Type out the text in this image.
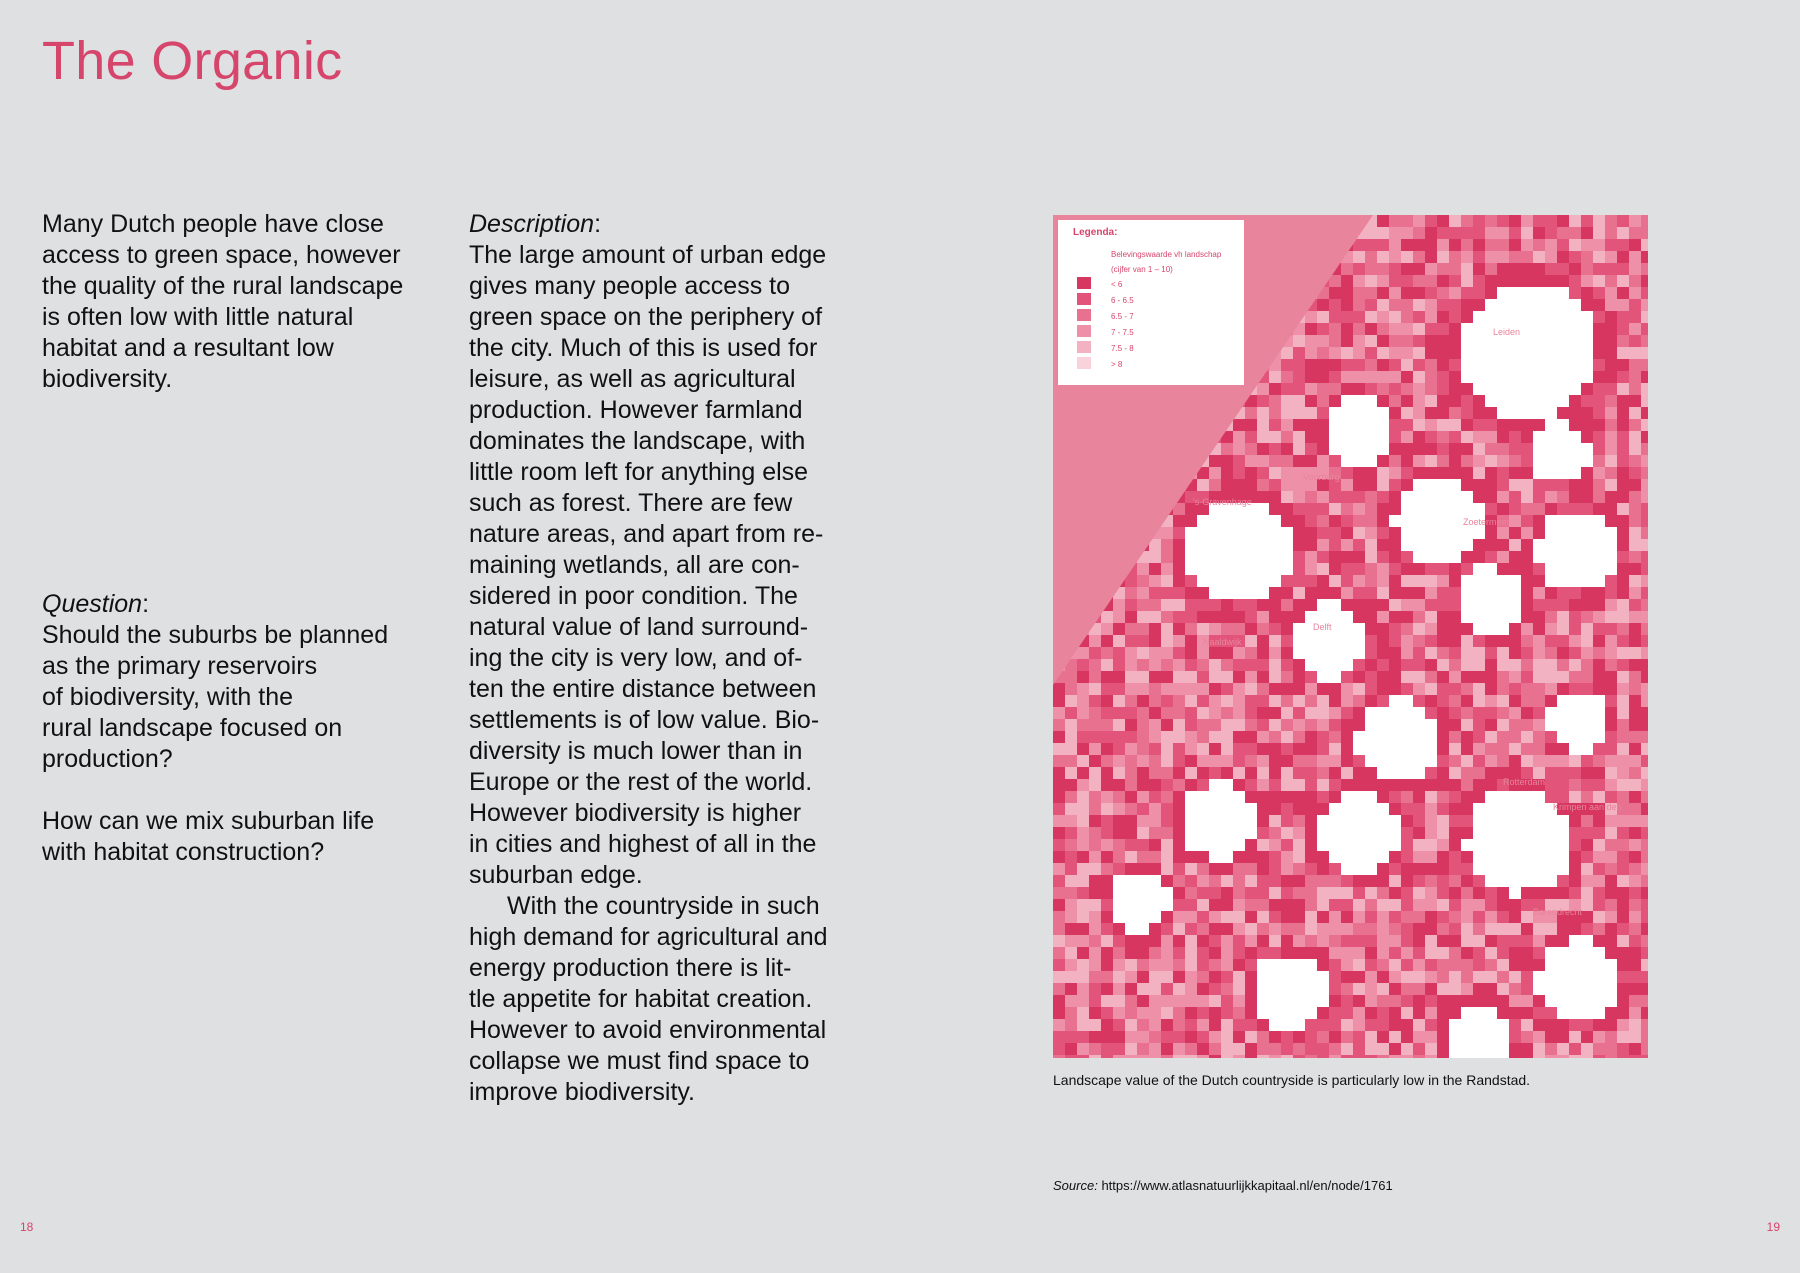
The Organic

Many Dutch people have close
access to green space, however
the quality of the rural landscape
is often low with little natural
habitat and a resultant low
biodiversity.

Question:

Should the suburbs be planned
as the primary reservoirs
of biodiversity, with the
rural landscape focused on
production?

How can we mix suburban life
with habitat construction?

Description:

The large amount of urban edge
gives many people access to
green space on the periphery of
the city. Much of this is used for
leisure, as well as agricultural
production. However farmland
dominates the landscape, with
little room left for anything else
such as forest. There are few
nature areas, and apart from re-
maining wetlands, all are con-
sidered in poor condition. The
natural value of land surround-
ing the city is very low, and of-
ten the entire distance between
settlements is of low value. Bio-
diversity is much lower than in
Europe or the rest of the world.
However biodiversity is higher
in cities and highest of all in the
suburban edge.

With the countryside in such
high demand for agricultural and
energy production there is lit-
tle appetite for habitat creation.
However to avoid environmental
collapse we must find space to
improve biodiversity.

Leiden
's-Gravenhage
Voorburg
Zoetermeer
Delft
Rotterdam
Barendrecht
Naaldwijk
Krimpen aan den
Legenda:
Belevingswaarde vh landschap
(cijfer van 1 – 10)
< 6
6 - 6.5
6.5 - 7
7 - 7.5
7.5 - 8
> 8
Landscape value of the Dutch countryside is particularly low in the Randstad.
Source: https://www.atlasnatuurlijkkapitaal.nl/en/node/1761
18	19
